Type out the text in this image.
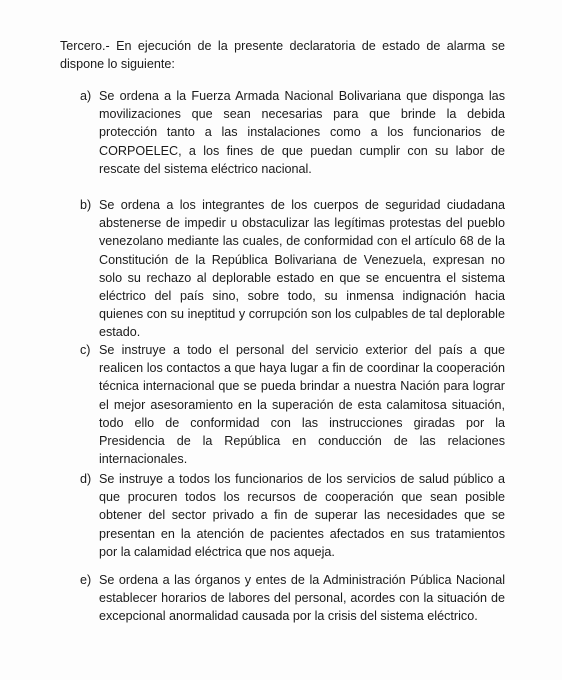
Tercero.- En ejecución de la presente declaratoria de estado de alarma se dispone lo siguiente:

a) Se ordena a la Fuerza Armada Nacional Bolivariana que disponga las movilizaciones que sean necesarias para que brinde la debida protección tanto a las instalaciones como a los funcionarios de CORPOELEC, a los fines de que puedan cumplir con su labor de rescate del sistema eléctrico nacional.
b) Se ordena a los integrantes de los cuerpos de seguridad ciudadana abstenerse de impedir u obstaculizar las legítimas protestas del pueblo venezolano mediante las cuales, de conformidad con el artículo 68 de la Constitución de la República Bolivariana de Venezuela, expresan no solo su rechazo al deplorable estado en que se encuentra el sistema eléctrico del país sino, sobre todo, su inmensa indignación hacia quienes con su ineptitud y corrupción son los culpables de tal deplorable estado.
c) Se instruye a todo el personal del servicio exterior del país a que realicen los contactos a que haya lugar a fin de coordinar la cooperación técnica internacional que se pueda brindar a nuestra Nación para lograr el mejor asesoramiento en la superación de esta calamitosa situación, todo ello de conformidad con las instrucciones giradas por la Presidencia de la República en conducción de las relaciones internacionales.
d) Se instruye a todos los funcionarios de los servicios de salud público a que procuren todos los recursos de cooperación que sean posible obtener del sector privado a fin de superar las necesidades que se presentan en la atención de pacientes afectados en sus tratamientos por la calamidad eléctrica que nos aqueja.
e) Se ordena a las órganos y entes de la Administración Pública Nacional establecer horarios de labores del personal, acordes con la situación de excepcional anormalidad causada por la crisis del sistema eléctrico.
